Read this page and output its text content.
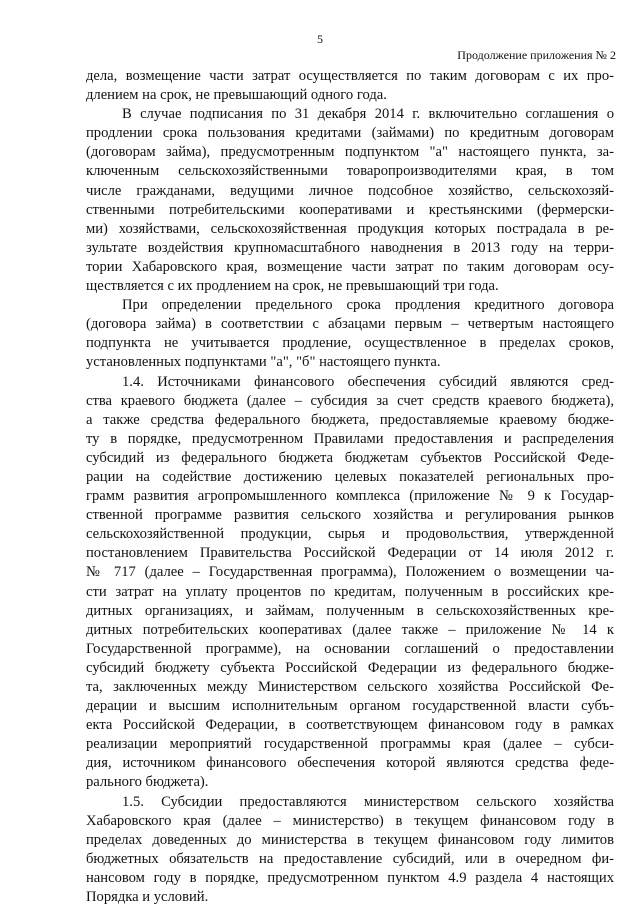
5
Продолжение приложения № 2
дела, возмещение части затрат осуществляется по таким договорам с их про-
длением на срок, не превышающий одного года.
В случае подписания по 31 декабря 2014 г. включительно соглашения о
продлении срока пользования кредитами (займами) по кредитным договорам
(договорам займа), предусмотренным подпунктом "а" настоящего пункта, за-
ключенным сельскохозяйственными товаропроизводителями края, в том
числе гражданами, ведущими личное подсобное хозяйство, сельскохозяй-
ственными потребительскими кооперативами и крестьянскими (фермерски-
ми) хозяйствами, сельскохозяйственная продукция которых пострадала в ре-
зультате воздействия крупномасштабного наводнения в 2013 году на терри-
тории Хабаровского края, возмещение части затрат по таким договорам осу-
ществляется с их продлением на срок, не превышающий три года.
При определении предельного срока продления кредитного договора
(договора займа) в соответствии с абзацами первым – четвертым настоящего
подпункта не учитывается продление, осуществленное в пределах сроков,
установленных подпунктами "а", "б" настоящего пункта.
1.4. Источниками финансового обеспечения субсидий являются сред-
ства краевого бюджета (далее – субсидия за счет средств краевого бюджета),
а также средства федерального бюджета, предоставляемые краевому бюдже-
ту в порядке, предусмотренном Правилами предоставления и распределения
субсидий из федерального бюджета бюджетам субъектов Российской Феде-
рации на содействие достижению целевых показателей региональных про-
грамм развития агропромышленного комплекса (приложение № 9 к Государ-
ственной программе развития сельского хозяйства и регулирования рынков
сельскохозяйственной продукции, сырья и продовольствия, утвержденной
постановлением Правительства Российской Федерации от 14 июля 2012 г.
№ 717 (далее – Государственная программа), Положением о возмещении ча-
сти затрат на уплату процентов по кредитам, полученным в российских кре-
дитных организациях, и займам, полученным в сельскохозяйственных кре-
дитных потребительских кооперативах (далее также – приложение № 14 к
Государственной программе), на основании соглашений о предоставлении
субсидий бюджету субъекта Российской Федерации из федерального бюдже-
та, заключенных между Министерством сельского хозяйства Российской Фе-
дерации и высшим исполнительным органом государственной власти субъ-
екта Российской Федерации, в соответствующем финансовом году в рамках
реализации мероприятий государственной программы края (далее – субси-
дия, источником финансового обеспечения которой являются средства феде-
рального бюджета).
1.5. Субсидии предоставляются министерством сельского хозяйства
Хабаровского края (далее – министерство) в текущем финансовом году в
пределах доведенных до министерства в текущем финансовом году лимитов
бюджетных обязательств на предоставление субсидий, или в очередном фи-
нансовом году в порядке, предусмотренном пунктом 4.9 раздела 4 настоящих
Порядка и условий.
